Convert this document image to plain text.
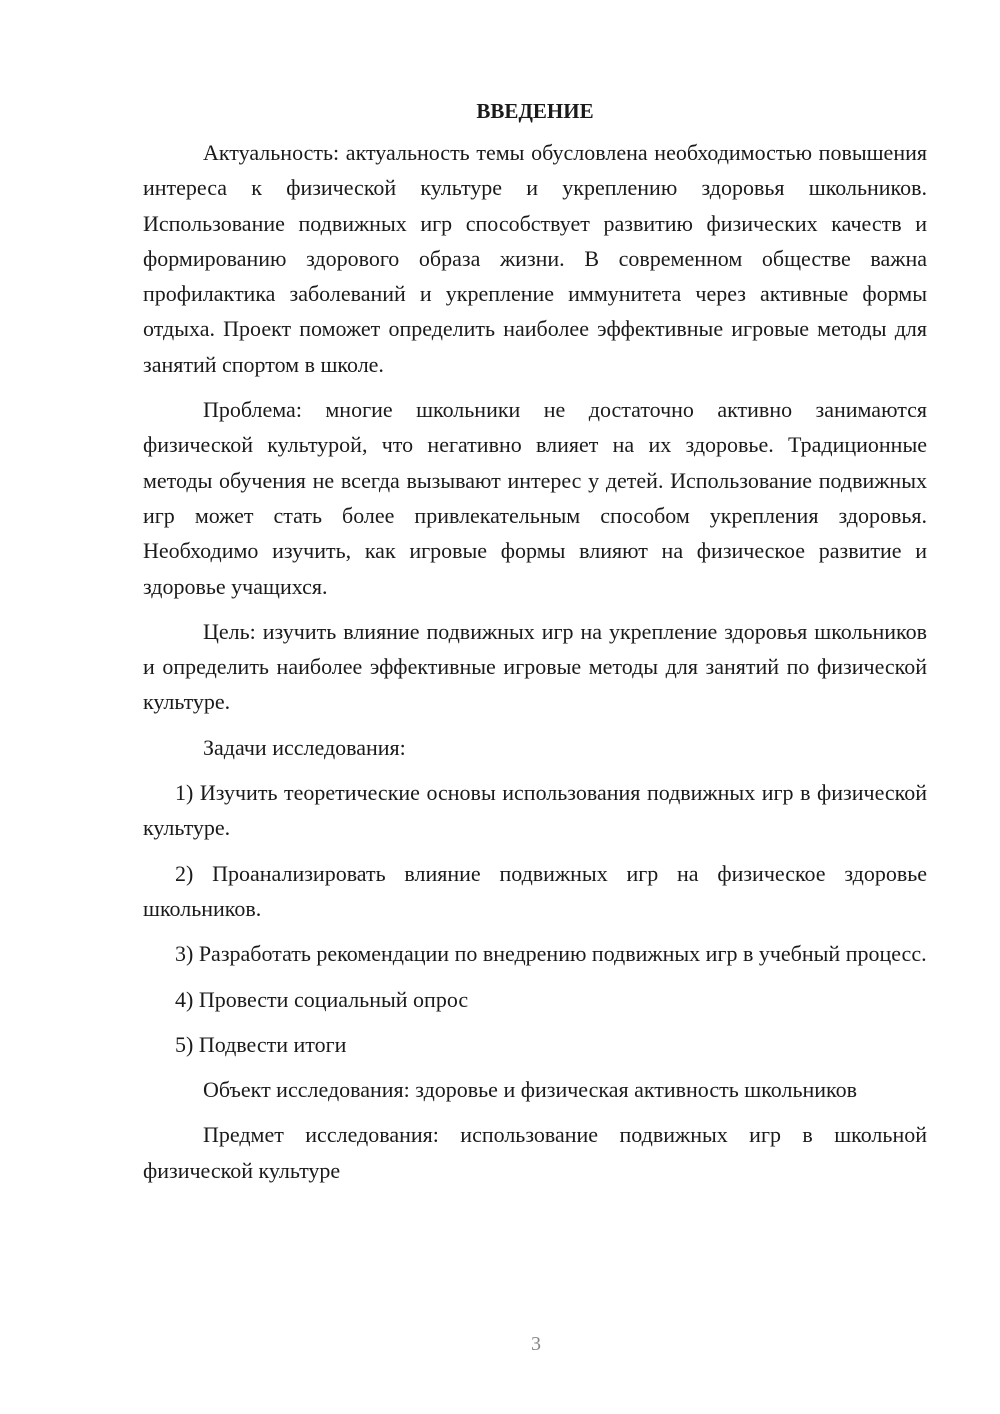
ВВЕДЕНИЕ

Актуальность: актуальность темы обусловлена необходимостью повышения интереса к физической культуре и укреплению здоровья школьников. Использование подвижных игр способствует развитию физических качеств и формированию здорового образа жизни. В современном обществе важна профилактика заболеваний и укрепление иммунитета через активные формы отдыха. Проект поможет определить наиболее эффективные игровые методы для занятий спортом в школе.

Проблема: многие школьники не достаточно активно занимаются физической культурой, что негативно влияет на их здоровье. Традиционные методы обучения не всегда вызывают интерес у детей. Использование подвижных игр может стать более привлекательным способом укрепления здоровья. Необходимо изучить, как игровые формы влияют на физическое развитие и здоровье учащихся.

Цель: изучить влияние подвижных игр на укрепление здоровья школьников и определить наиболее эффективные игровые методы для занятий по физической культуре.

Задачи исследования:

1) Изучить теоретические основы использования подвижных игр в физической культуре.

2) Проанализировать влияние подвижных игр на физическое здоровье школьников.

3) Разработать рекомендации по внедрению подвижных игр в учебный процесс.

4) Провести социальный опрос

5) Подвести итоги

Объект исследования: здоровье и физическая активность школьников

Предмет исследования: использование подвижных игр в школьной физической культуре

3
